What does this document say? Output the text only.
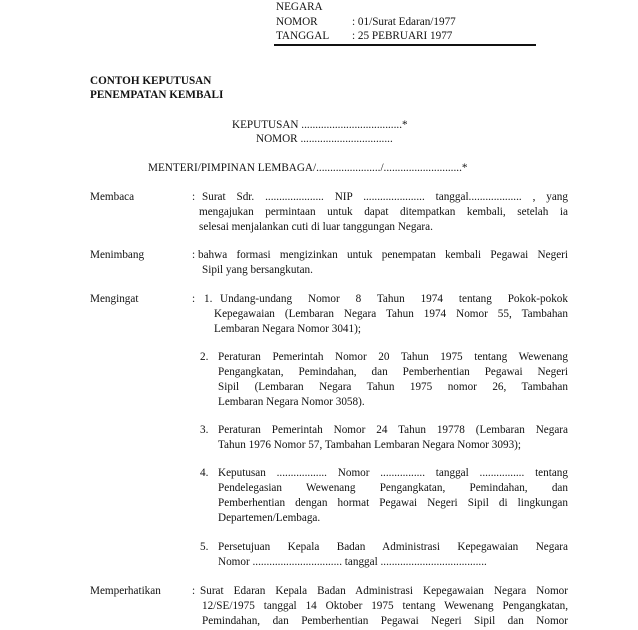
NEGARA
NOMOR	: 01/Surat Edaran/1977
TANGGAL : 25 PEBRUARI 1977
CONTOH KEPUTUSAN
PENEMPATAN KEMBALI
KEPUTUSAN ....................................*
NOMOR .................................
MENTERI/PIMPINAN LEMBAGA/......................./............................*
Membaca	: Surat Sdr. ..................... NIP ...................... tanggal................... , yang
mengajukan permintaan untuk dapat ditempatkan kembali, setelah ia
selesai menjalankan cuti di luar tanggungan Negara.
Menimbang	: bahwa formasi mengizinkan untuk penempatan kembali Pegawai Negeri
Sipil yang bersangkutan.
Mengingat	: 1. Undang-undang Nomor 8 Tahun 1974 tentang Pokok-pokok
Kepegawaian (Lembaran Negara Tahun 1974 Nomor 55, Tambahan
Lembaran Negara Nomor 3041);
2. Peraturan Pemerintah Nomor 20 Tahun 1975 tentang Wewenang
Pengangkatan, Pemindahan, dan Pemberhentian Pegawai Negeri
Sipil (Lembaran Negara Tahun 1975 nomor 26, Tambahan
Lembaran Negara Nomor 3058).
3. Peraturan Pemerintah Nomor 24 Tahun 19778 (Lembaran Negara
Tahun 1976 Nomor 57, Tambahan Lembaran Negara Nomor 3093);
4. Keputusan .................. Nomor ................ tanggal ................ tentang
Pendelegasian Wewenang Pengangkatan, Pemindahan, dan
Pemberhentian dengan hormat Pegawai Negeri Sipil di lingkungan
Departemen/Lembaga.
5. Persetujuan Kepala Badan Administrasi Kepegawaian Negara
Nomor ................................ tanggal ......................................
Memperhatikan	: Surat Edaran Kepala Badan Administrasi Kepegawaian Negara Nomor
12/SE/1975 tanggal 14 Oktober 1975 tentang Wewenang Pengangkatan,
Pemindahan, dan Pemberhentian Pegawai Negeri Sipil dan Nomor
